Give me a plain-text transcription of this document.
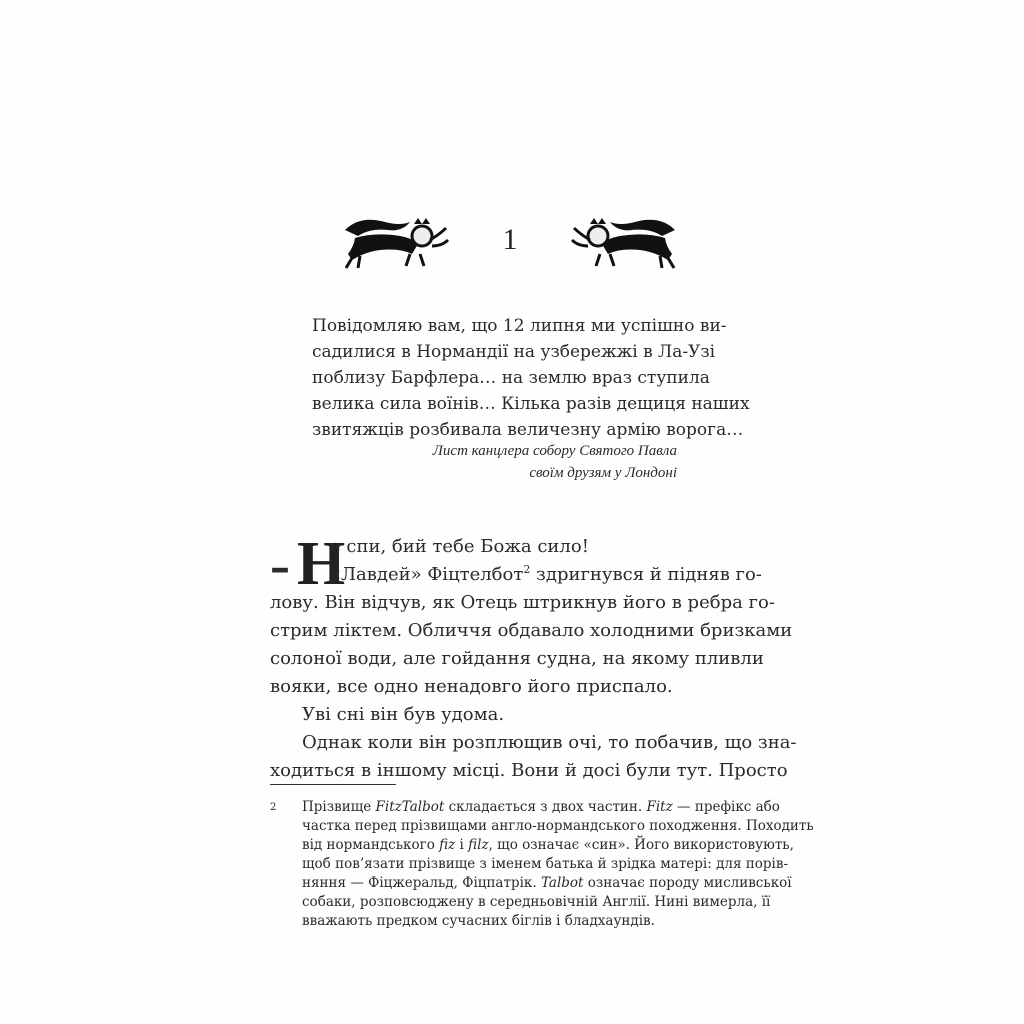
1
Повідомляю вам, що 12 липня ми успішно ви-
садилися в Нормандії на узбережжі в Ла-Узі
поблизу Барфлера… на землю враз ступила
велика сила воїнів… Кілька разів дещиця наших
звитяжців розбивала величезну армію ворога…
Лист канцлера собору Святого Павла
своїм друзям у Лондоні
– Н
е спи, бий тебе Божа сило!
«Лавдей» Фіцтелбот$^2$ здригнувся й підняв го-
лову. Він відчув, як Отець штрикнув його в ребра го-
стрим ліктем. Обличчя обдавало холодними бризками
солоної води, але гойдання судна, на якому пливли
вояки, все одно ненадовго його приспало.
Уві сні він був удома.
Однак коли він розплющив очі, то побачив, що зна-
ходиться в іншому місці. Вони й досі були тут. Просто
2 Прізвище FitzTalbot складається з двох частин. Fitz — префікс або
частка перед прізвищами англо-нормандського походження. Походить
від нормандського fiz і filz, що означає «син». Його використовують,
щоб пов’язати прізвище з іменем батька й зрідка матері: для порів-
няння — Фіцжеральд, Фіцпатрік. Talbot означає породу мисливської
собаки, розповсюджену в середньовічній Англії. Нині вимерла, її
вважають предком сучасних біглів і бладхаундів.
